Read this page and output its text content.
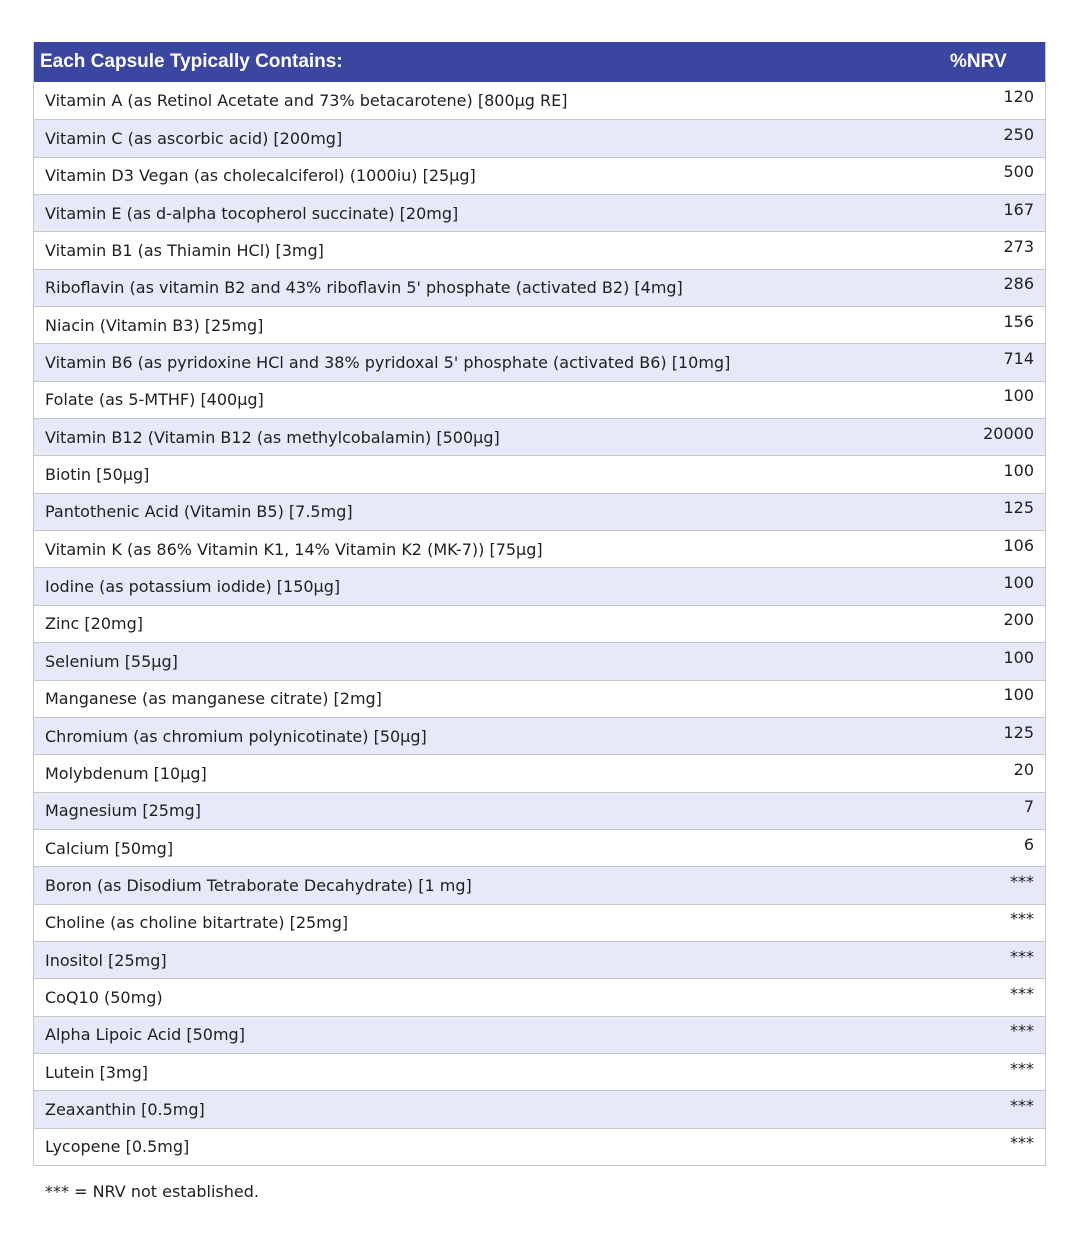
Each Capsule Typically Contains:	%NRV
Vitamin A (as Retinol Acetate and 73% betacarotene) [800μg RE]	120
Vitamin C (as ascorbic acid) [200mg]	250
Vitamin D3 Vegan (as cholecalciferol) (1000iu) [25μg]	500
Vitamin E (as d-alpha tocopherol succinate) [20mg]	167
Vitamin B1 (as Thiamin HCl) [3mg]	273
Riboflavin (as vitamin B2 and 43% riboflavin 5' phosphate (activated B2) [4mg]	286
Niacin (Vitamin B3) [25mg]	156
Vitamin B6 (as pyridoxine HCl and 38% pyridoxal 5' phosphate (activated B6) [10mg]	714
Folate (as 5-MTHF) [400μg]	100
Vitamin B12 (Vitamin B12 (as methylcobalamin) [500μg]	20000
Biotin [50μg]	100
Pantothenic Acid (Vitamin B5) [7.5mg]	125
Vitamin K (as 86% Vitamin K1, 14% Vitamin K2 (MK-7)) [75μg]	106
Iodine (as potassium iodide) [150μg]	100
Zinc [20mg]	200
Selenium [55μg]	100
Manganese (as manganese citrate) [2mg]	100
Chromium (as chromium polynicotinate) [50μg]	125
Molybdenum [10μg]	20
Magnesium [25mg]	7
Calcium [50mg]	6
Boron (as Disodium Tetraborate Decahydrate) [1 mg]	***
Choline (as choline bitartrate) [25mg]	***
Inositol [25mg]	***
CoQ10 (50mg)	***
Alpha Lipoic Acid [50mg]	***
Lutein [3mg]	***
Zeaxanthin [0.5mg]	***
Lycopene [0.5mg]	***
*** = NRV not established.
